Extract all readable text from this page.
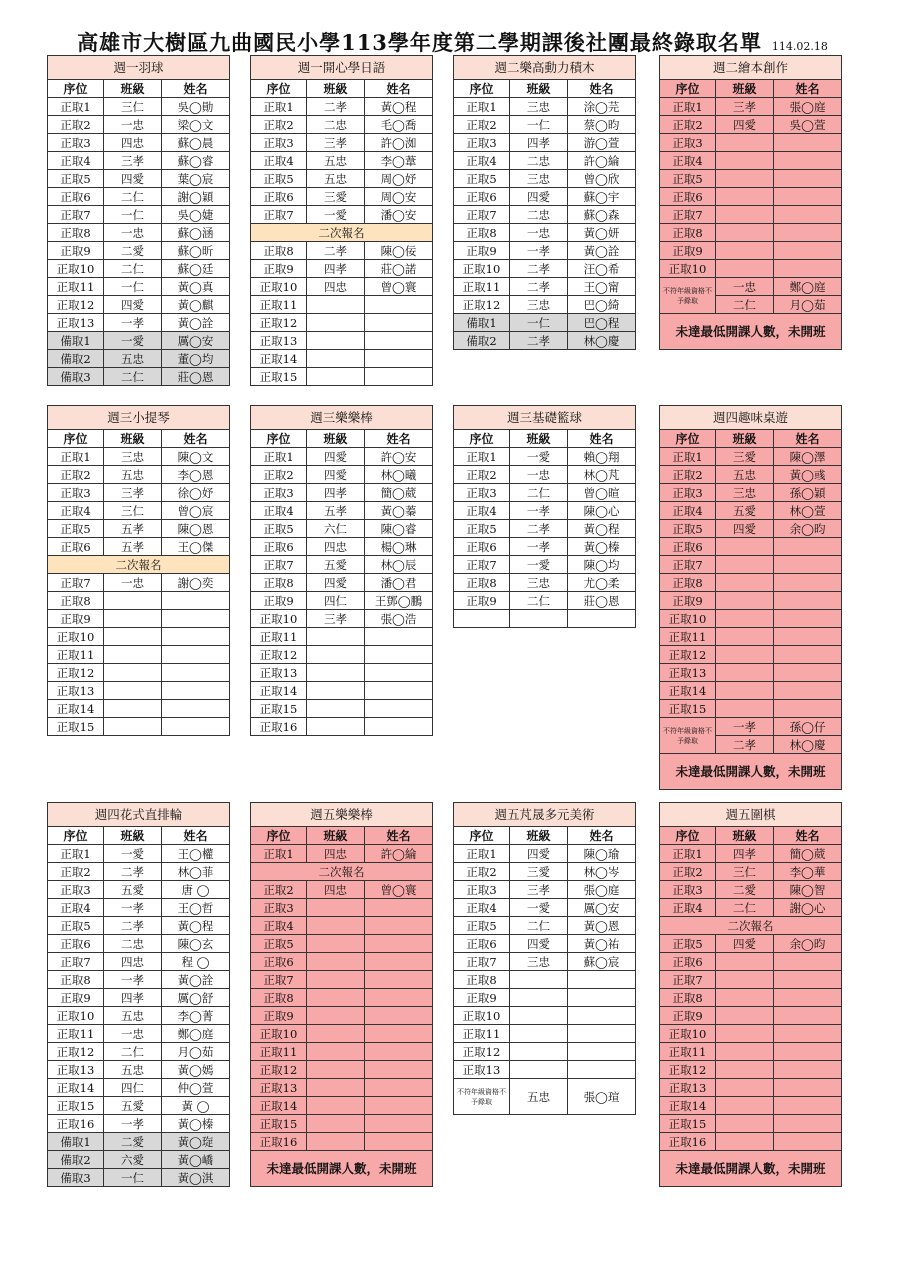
高雄市大樹區九曲國民小學113學年度第二學期課後社團最終錄取名單 114.02.18
週一羽球		
序位	班級	姓名
正取1	三仁	吳◯勛
正取2	一忠	梁◯文
正取3	四忠	蘇◯晨
正取4	三孝	蘇◯睿
正取5	四愛	葉◯宸
正取6	二仁	謝◯穎
正取7	一仁	吳◯婕
正取8	一忠	蘇◯涵
正取9	二愛	蘇◯昕
正取10	二仁	蘇◯廷
正取11	一仁	黃◯真
正取12	四愛	黃◯麒
正取13	一孝	黃◯詮
備取1	一愛	厲◯安
備取2	五忠	董◯均
備取3	二仁	莊◯恩
週一開心學日語		
序位	班級	姓名
正取1	二孝	黃◯程
正取2	二忠	毛◯喬
正取3	三孝	許◯洳
正取4	五忠	李◯葦
正取5	五忠	周◯妤
正取6	三愛	周◯安
正取7	一愛	潘◯安
二次報名		
正取8	二孝	陳◯佞
正取9	四孝	莊◯諾
正取10	四忠	曾◯寰
正取11		
正取12		
正取13		
正取14		
正取15		
週二樂高動力積木		
序位	班級	姓名
正取1	三忠	涂◯芫
正取2	一仁	蔡◯昀
正取3	四孝	游◯萱
正取4	二忠	許◯綸
正取5	三忠	曾◯欣
正取6	四愛	蘇◯宇
正取7	二忠	蘇◯森
正取8	一忠	黃◯妍
正取9	一孝	黃◯詮
正取10	二孝	汪◯希
正取11	二孝	王◯甯
正取12	三忠	巴◯綺
備取1	一仁	巴◯程
備取2	二孝	林◯慶
週二繪本創作		
序位	班級	姓名
正取1	三孝	張◯庭
正取2	四愛	吳◯萱
正取3		
正取4		
正取5		
正取6		
正取7		
正取8		
正取9		
正取10		
不符年級資格不予錄取	一忠	鄭◯庭
	二仁	月◯茹
未達最低開課人數，未開班		
週三小提琴		
序位	班級	姓名
正取1	三忠	陳◯文
正取2	五忠	李◯恩
正取3	三孝	徐◯妤
正取4	三仁	曾◯宸
正取5	五孝	陳◯恩
正取6	五孝	王◯傑
二次報名		
正取7	一忠	謝◯奕
正取8		
正取9		
正取10		
正取11		
正取12		
正取13		
正取14		
正取15		
週三樂樂棒		
序位	班級	姓名
正取1	四愛	許◯安
正取2	四愛	林◯曦
正取3	四孝	簡◯葳
正取4	五孝	黃◯蓁
正取5	六仁	陳◯睿
正取6	四忠	楊◯琳
正取7	五愛	林◯辰
正取8	四愛	潘◯君
正取9	四仁	王鄧◯鵬
正取10	三孝	張◯浩
正取11		
正取12		
正取13		
正取14		
正取15		
正取16		
週三基礎籃球		
序位	班級	姓名
正取1	一愛	賴◯翔
正取2	一忠	林◯芃
正取3	二仁	曾◯暄
正取4	一孝	陳◯心
正取5	二孝	黃◯程
正取6	一孝	黃◯榛
正取7	一愛	陳◯均
正取8	三忠	尤◯柔
正取9	二仁	莊◯恩

週四趣味桌遊		
序位	班級	姓名
正取1	三愛	陳◯澤
正取2	五忠	黃◯彧
正取3	三忠	孫◯穎
正取4	五愛	林◯萱
正取5	四愛	余◯昀
正取6		
正取7		
正取8		
正取9		
正取10		
正取11		
正取12		
正取13		
正取14		
正取15		
不符年級資格不予錄取	一孝	孫◯仔
	二孝	林◯慶
未達最低開課人數，未開班		
週四花式直排輪		
序位	班級	姓名
正取1	一愛	王◯權
正取2	二孝	林◯菲
正取3	五愛	唐 ◯
正取4	一孝	王◯哲
正取5	二孝	黃◯程
正取6	二忠	陳◯玄
正取7	四忠	程 ◯
正取8	一孝	黃◯詮
正取9	四孝	厲◯舒
正取10	五忠	李◯菁
正取11	一忠	鄭◯庭
正取12	二仁	月◯茹
正取13	五忠	黃◯嫣
正取14	四仁	仲◯萱
正取15	五愛	黃 ◯
正取16	一孝	黃◯榛
備取1	二愛	黃◯琁
備取2	六愛	黃◯嶠
備取3	一仁	黃◯淇
週五樂樂棒		
序位	班級	姓名
正取1	四忠	許◯綸
二次報名		
正取2	四忠	曾◯寰
正取3		
正取4		
正取5		
正取6		
正取7		
正取8		
正取9		
正取10		
正取11		
正取12		
正取13		
正取14		
正取15		
正取16		
未達最低開課人數，未開班		
週五芃晟多元美術		
序位	班級	姓名
正取1	四愛	陳◯瑜
正取2	三愛	林◯岑
正取3	三孝	張◯庭
正取4	一愛	厲◯安
正取5	二仁	黃◯恩
正取6	四愛	黃◯祐
正取7	三忠	蘇◯宸
正取8		
正取9		
正取10		
正取11		
正取12		
正取13		
不符年級資格不予錄取	五忠	張◯瑄
週五圍棋		
序位	班級	姓名
正取1	四孝	簡◯葳
正取2	三仁	李◯華
正取3	二愛	陳◯智
正取4	二仁	謝◯心
二次報名		
正取5	四愛	余◯昀
正取6		
正取7		
正取8		
正取9		
正取10		
正取11		
正取12		
正取13		
正取14		
正取15		
正取16		
未達最低開課人數，未開班		
